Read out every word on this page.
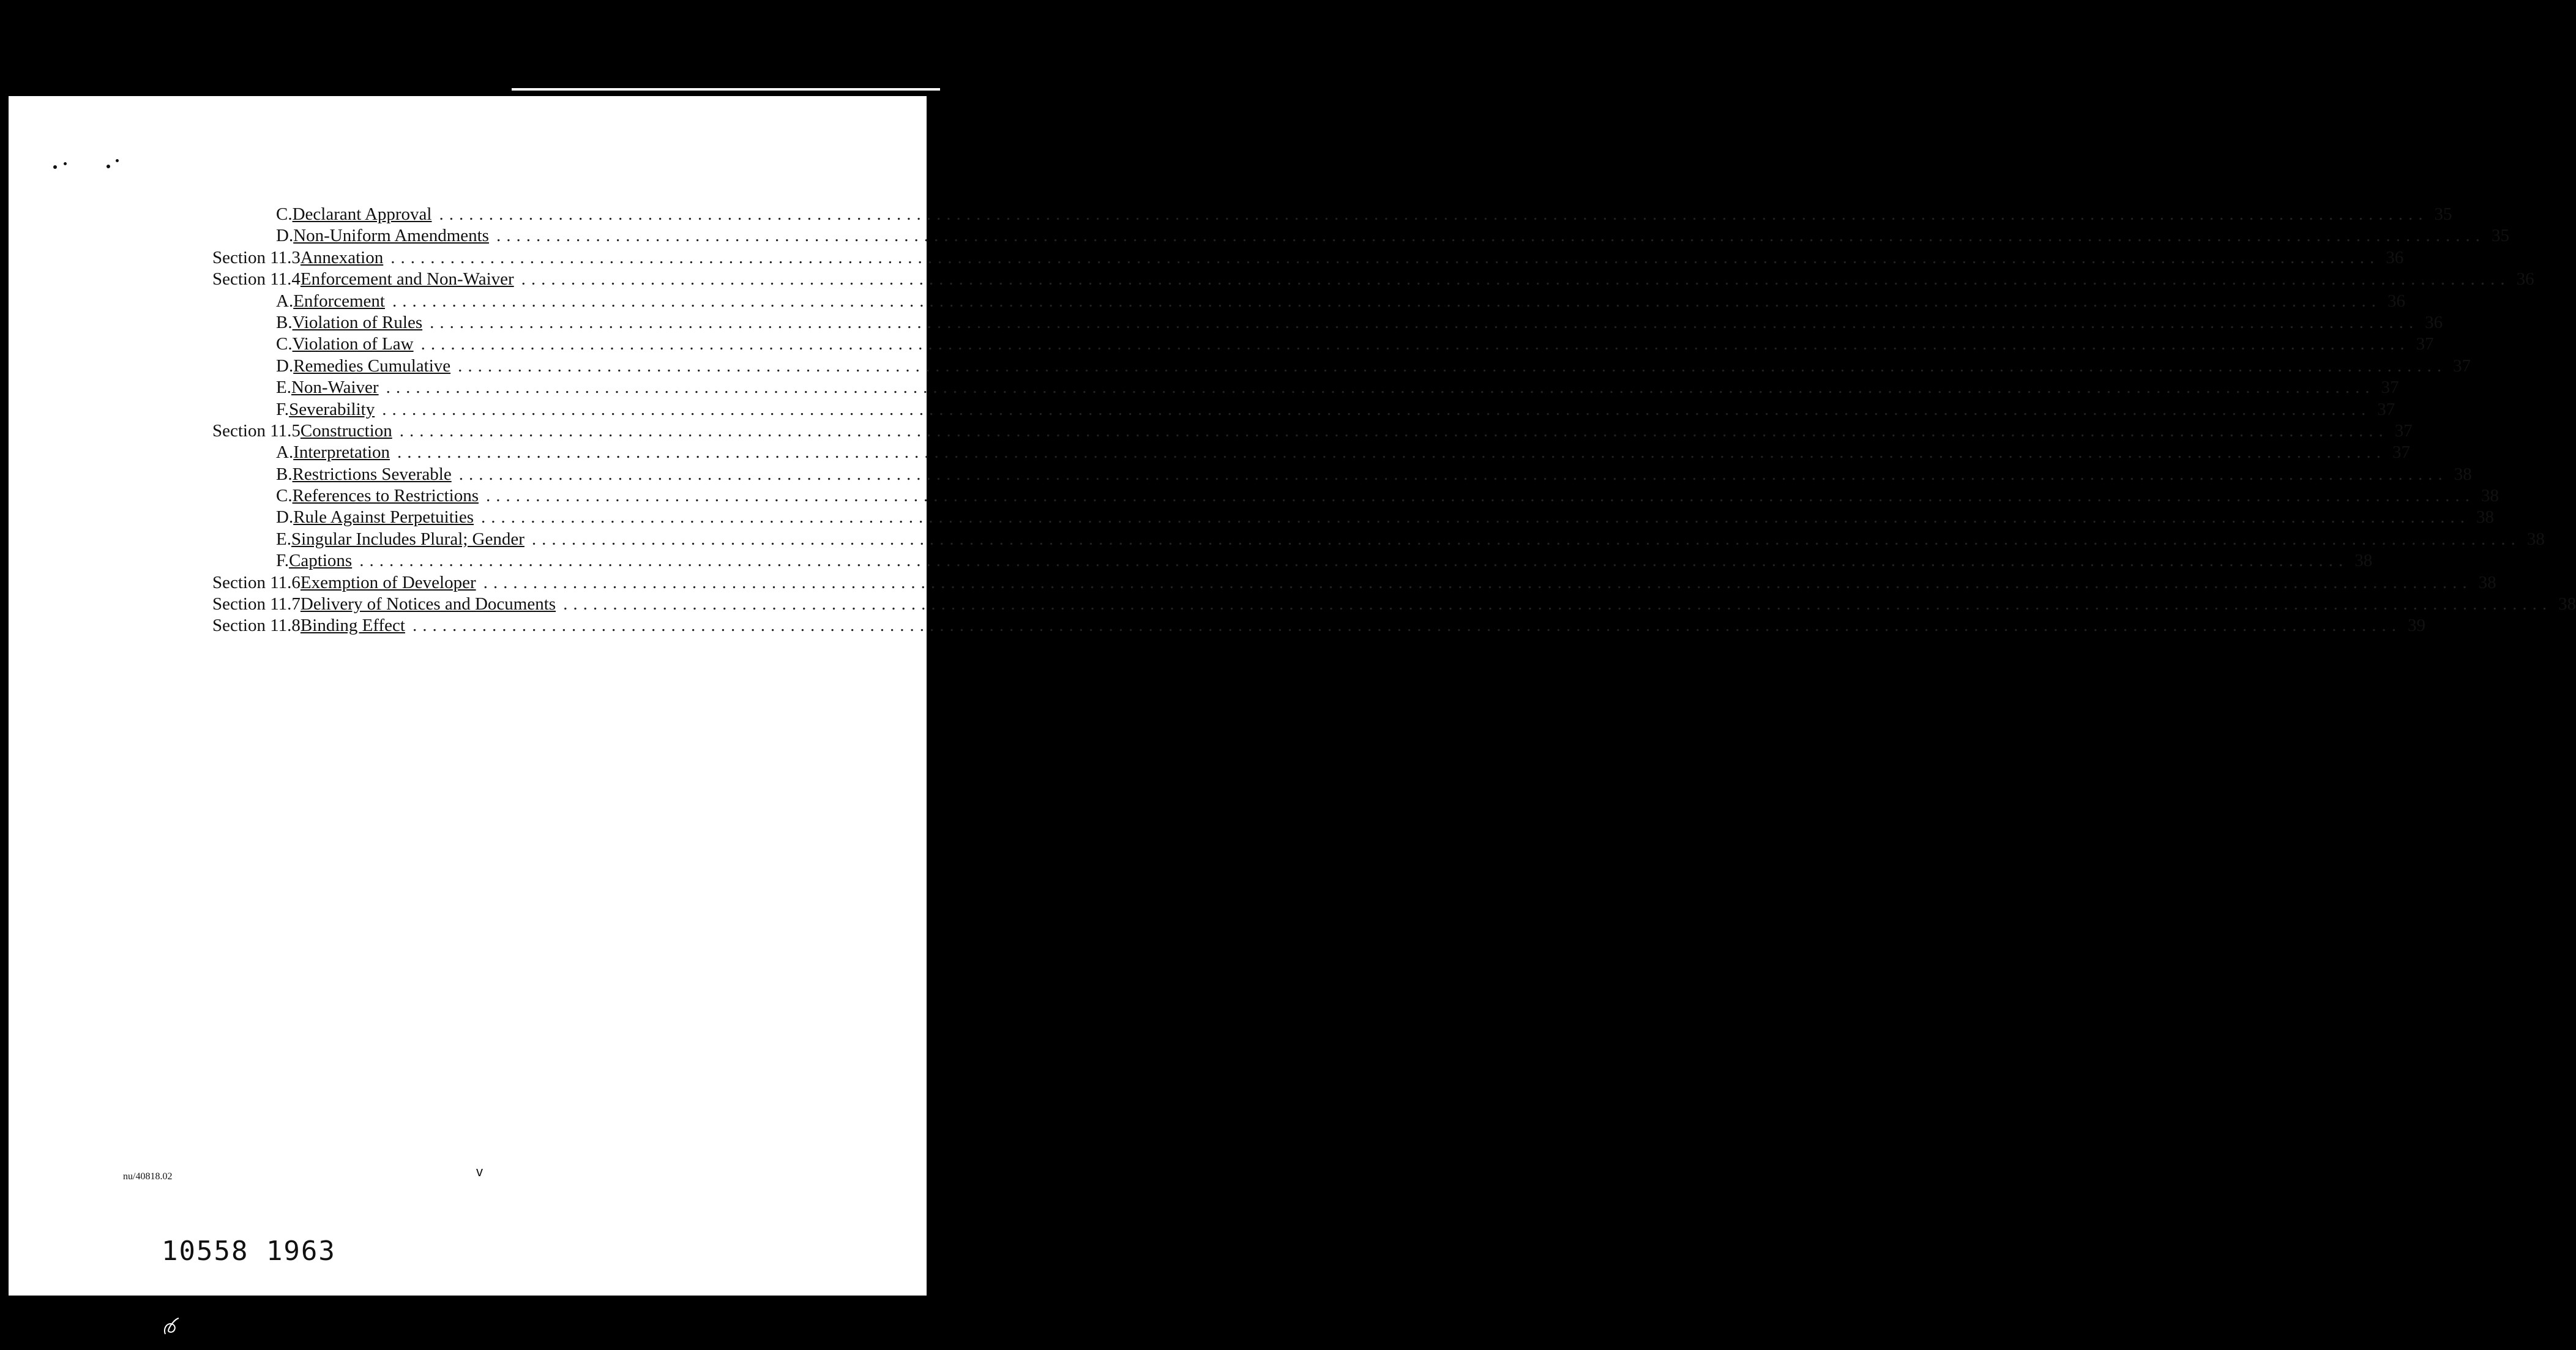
C. Declarant Approval ........................................................................................................................................................................................................ 35
D. Non-Uniform Amendments ........................................................................................................................................................................................................ 35
Section 11.3 Annexation ........................................................................................................................................................................................................ 36
Section 11.4 Enforcement and Non-Waiver ........................................................................................................................................................................................................ 36
A. Enforcement ........................................................................................................................................................................................................ 36
B. Violation of Rules ........................................................................................................................................................................................................ 36
C. Violation of Law ........................................................................................................................................................................................................ 37
D. Remedies Cumulative ........................................................................................................................................................................................................ 37
E. Non-Waiver ........................................................................................................................................................................................................ 37
F. Severability ........................................................................................................................................................................................................ 37
Section 11.5 Construction ........................................................................................................................................................................................................ 37
A. Interpretation ........................................................................................................................................................................................................ 37
B. Restrictions Severable ........................................................................................................................................................................................................ 38
C. References to Restrictions ........................................................................................................................................................................................................ 38
D. Rule Against Perpetuities ........................................................................................................................................................................................................ 38
E. Singular Includes Plural; Gender ........................................................................................................................................................................................................ 38
F. Captions ........................................................................................................................................................................................................ 38
Section 11.6 Exemption of Developer ........................................................................................................................................................................................................ 38
Section 11.7 Delivery of Notices and Documents ........................................................................................................................................................................................................ 38
Section 11.8 Binding Effect ........................................................................................................................................................................................................ 39
nu/40818.02	v
10558 1963
